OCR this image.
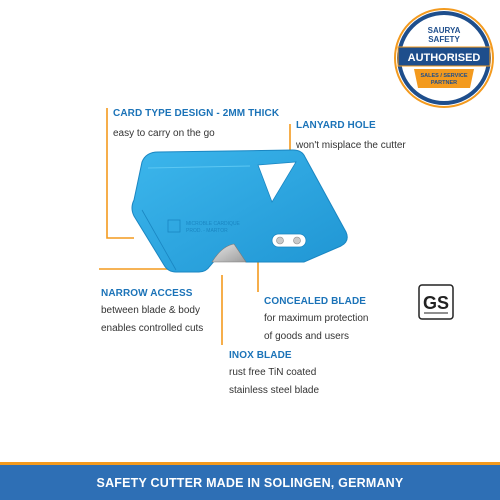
SAURYA
SAFETY
AUTHORISED
SALES / SERVICE
PARTNER
MICROBLE CARDIQUE
PROD. - MARTOR
CARD TYPE DESIGN - 2MM THICK
easy to carry on the go
LANYARD HOLE
won't misplace the cutter
NARROW ACCESS
between blade & body
enables controlled cuts
CONCEALED BLADE
for maximum protection
of goods and users
INOX BLADE
rust free TiN coated
stainless steel blade
GS
SAFETY CUTTER MADE IN SOLINGEN, GERMANY
